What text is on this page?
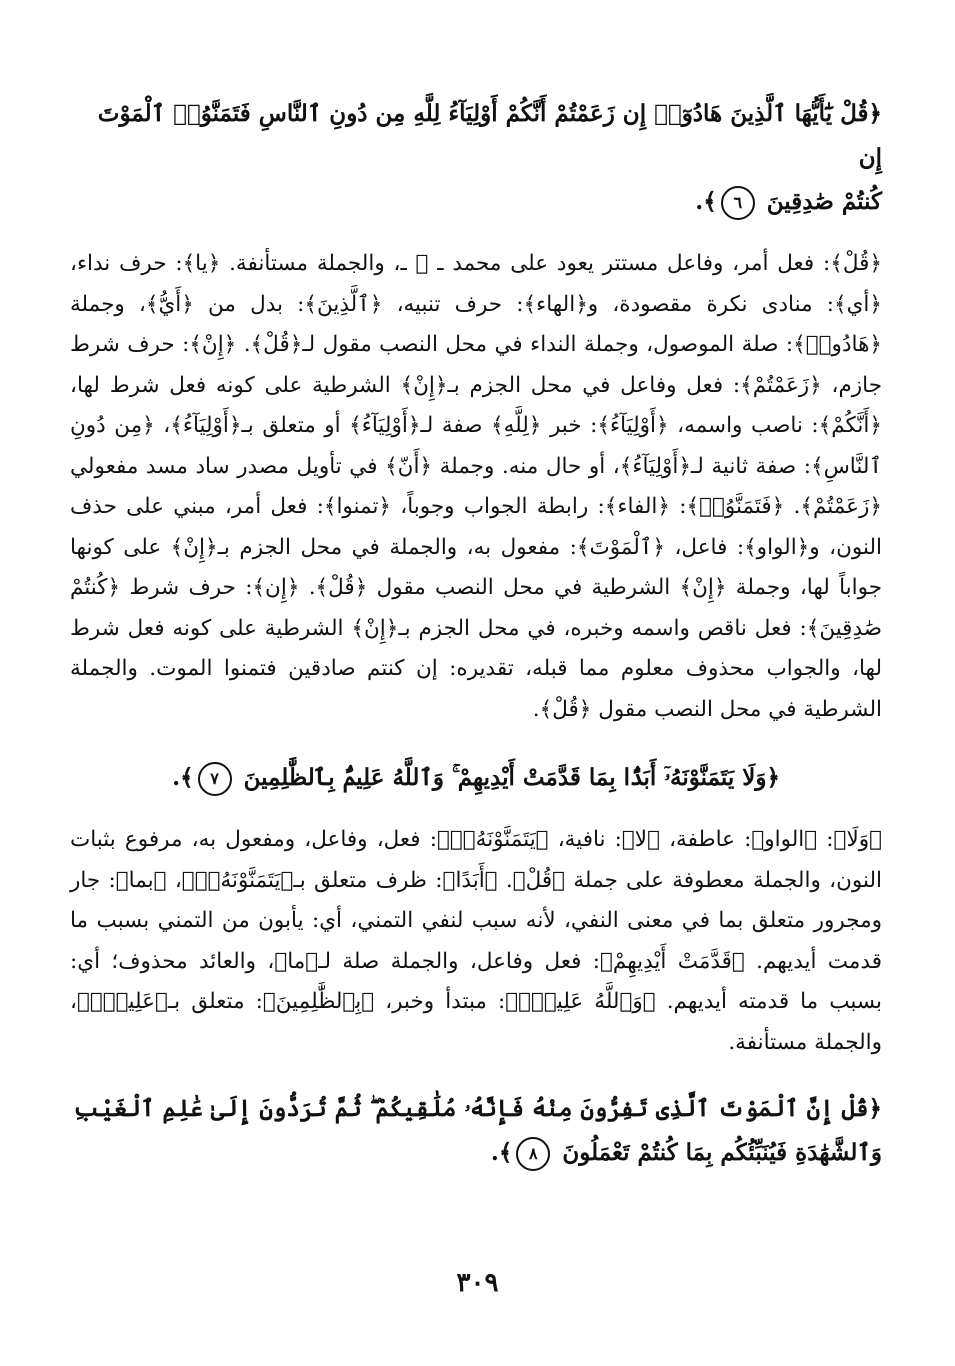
﴿قُلْ يَٰٓأَيُّهَا ٱلَّذِينَ هَادُوٓا۟ إِن زَعَمْتُمْ أَنَّكُمْ أَوْلِيَآءُ لِلَّهِ مِن دُونِ ٱلنَّاسِ فَتَمَنَّوُا۟ ٱلْمَوْتَ إِن
كُنتُمْ صَٰدِقِينَ ٦﴾.

﴿قُلْ﴾: فعل أمر، وفاعل مستتر يعود على محمد ـ ﷺ ـ، والجملة مستأنفة. ﴿يا﴾: حرف نداء، ﴿أي﴾: منادى نكرة مقصودة، و﴿الهاء﴾: حرف تنبيه، ﴿ٱلَّذِينَ﴾: بدل من ﴿أَيُّ﴾، وجملة ﴿هَادُوا۟﴾: صلة الموصول، وجملة النداء في محل النصب مقول لـ﴿قُلْ﴾. ﴿إِنْ﴾: حرف شرط جازم، ﴿زَعَمْتُمْ﴾: فعل وفاعل في محل الجزم بـ﴿إِنْ﴾ الشرطية على كونه فعل شرط لها، ﴿أَنَّكُمْ﴾: ناصب واسمه، ﴿أَوْلِيَآءُ﴾: خبر ﴿لِلَّهِ﴾ صفة لـ﴿أَوْلِيَآءُ﴾ أو متعلق بـ﴿أَوْلِيَآءُ﴾، ﴿مِن دُونِ ٱلنَّاسِ﴾: صفة ثانية لـ﴿أَوْلِيَآءُ﴾، أو حال منه. وجملة ﴿أَنّ﴾ في تأويل مصدر ساد مسد مفعولي ﴿زَعَمْتُمْ﴾. ﴿فَتَمَنَّوُا۟﴾: ﴿الفاء﴾: رابطة الجواب وجوباً، ﴿تمنوا﴾: فعل أمر، مبني على حذف النون، و﴿الواو﴾: فاعل، ﴿ٱلْمَوْتَ﴾: مفعول به، والجملة في محل الجزم بـ﴿إِنْ﴾ على كونها جواباً لها، وجملة ﴿إِنْ﴾ الشرطية في محل النصب مقول ﴿قُلْ﴾. ﴿إِن﴾: حرف شرط ﴿كُنتُمْ صَٰدِقِينَ﴾: فعل ناقص واسمه وخبره، في محل الجزم بـ﴿إِنْ﴾ الشرطية على كونه فعل شرط لها، والجواب محذوف معلوم مما قبله، تقديره: إن كنتم صادقين فتمنوا الموت. والجملة الشرطية في محل النصب مقول ﴿قُلْ﴾.

﴿وَلَا يَتَمَنَّوْنَهُۥٓ أَبَدًۢا بِمَا قَدَّمَتْ أَيْدِيهِمْ ۚ وَٱللَّهُ عَلِيمٌۢ بِٱلظَّٰلِمِينَ ٧﴾.

﴿وَلَا﴾: ﴿الواو﴾: عاطفة، ﴿لا﴾: نافية، ﴿يَتَمَنَّوْنَهُۥٓ﴾: فعل، وفاعل، ومفعول به، مرفوع بثبات النون، والجملة معطوفة على جملة ﴿قُلْ﴾. ﴿أَبَدًا﴾: ظرف متعلق بـ﴿يَتَمَنَّوْنَهُۥٓ﴾، ﴿بما﴾: جار ومجرور متعلق بما في معنى النفي، لأنه سبب لنفي التمني، أي: يأبون من التمني بسبب ما قدمت أيديهم. ﴿قَدَّمَتْ أَيْدِيهِمْ﴾: فعل وفاعل، والجملة صلة لـ﴿ما﴾، والعائد محذوف؛ أي: بسبب ما قدمته أيديهم. ﴿وَٱللَّهُ عَلِيمٌۢ﴾: مبتدأ وخبر، ﴿بِٱلظَّٰلِمِينَ﴾: متعلق بـ﴿عَلِيمٌۢ﴾، والجملة مستأنفة.

﴿قُلْ إِنَّ ٱلْمَوْتَ ٱلَّذِى تَفِرُّونَ مِنْهُ فَإِنَّهُۥ مُلَٰقِيكُمْ ۖ ثُمَّ تُرَدُّونَ إِلَىٰ عَٰلِمِ ٱلْغَيْبِ
وَٱلشَّهَٰدَةِ فَيُنَبِّئُكُم بِمَا كُنتُمْ تَعْمَلُونَ ٨﴾.
٣٠٩
